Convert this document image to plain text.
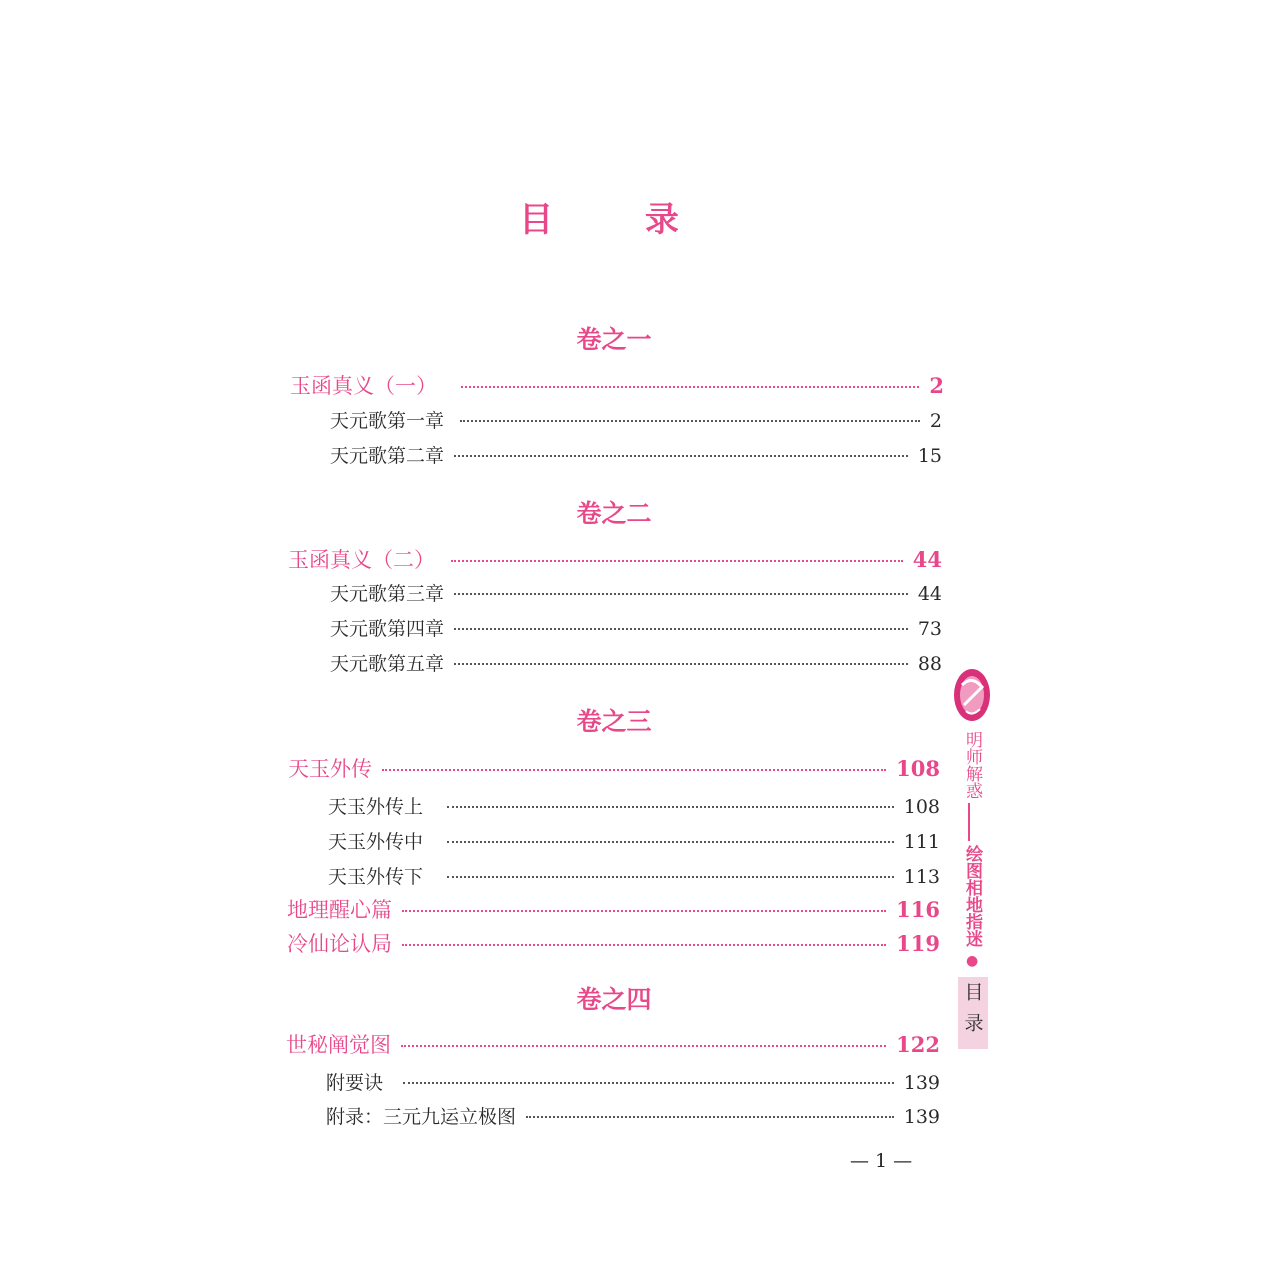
目 录
卷之一
玉函真义（一）	2
天元歌第一章	2
天元歌第二章	15
卷之二
玉函真义（二）	44
天元歌第三章	44
天元歌第四章	73
天元歌第五章	88
卷之三
天玉外传	108
天玉外传上	108
天玉外传中	111
天玉外传下	113
地理醒心篇	116
冷仙论认局	119
卷之四
世秘阐觉图	122
附要诀	139
附录：三元九运立极图	139
明师解惑
绘图相地指迷
●
目录
— 1 —
